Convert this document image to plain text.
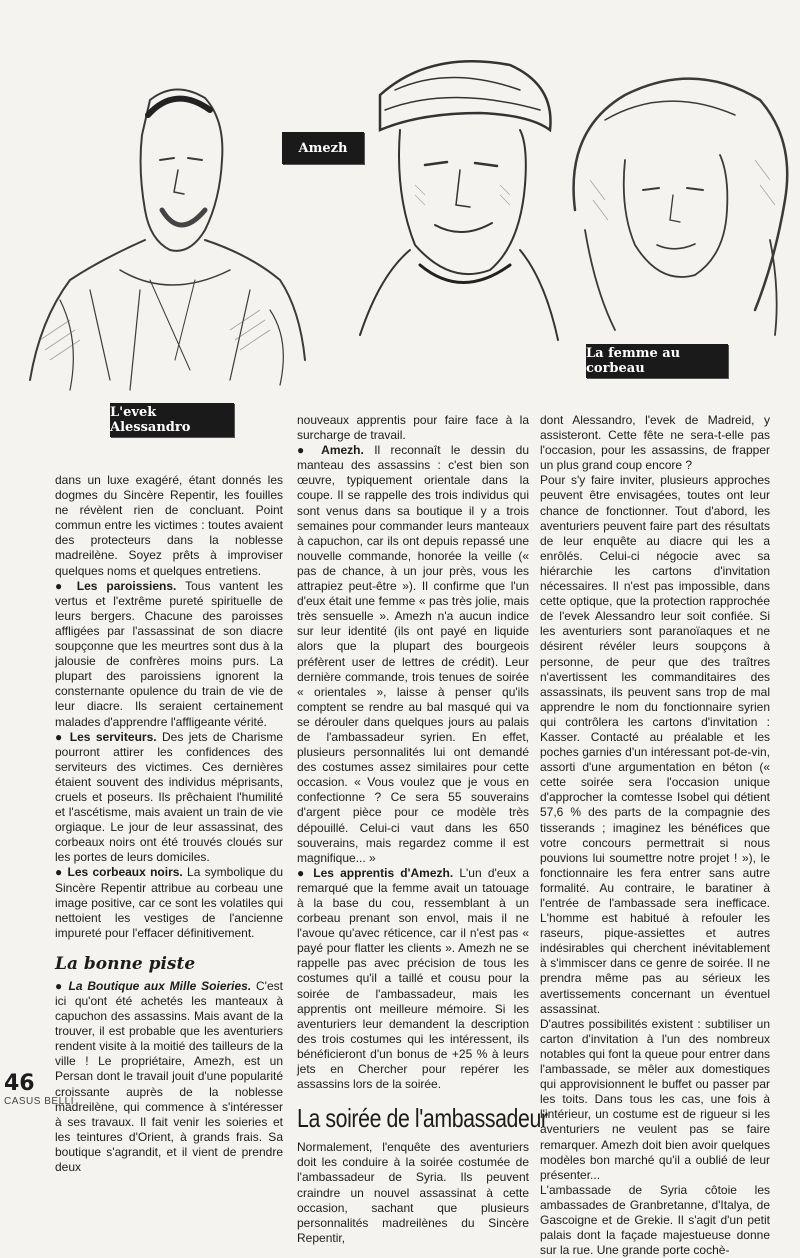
Amezh
La femme au corbeau
L'evek Alessandro

dans un luxe exagéré, étant donnés les dogmes du Sincère Repentir, les fouilles ne révèlent rien de concluant. Point commun entre les victimes : toutes avaient des protecteurs dans la noblesse madreilène. Soyez prêts à improviser quelques noms et quelques entretiens.

● Les paroissiens. Tous vantent les vertus et l'extrême pureté spirituelle de leurs bergers. Chacune des paroisses affligées par l'assassinat de son diacre soupçonne que les meurtres sont dus à la jalousie de confrères moins purs. La plupart des paroissiens ignorent la consternante opulence du train de vie de leur diacre. Ils seraient certainement malades d'apprendre l'affligeante vérité.

● Les serviteurs. Des jets de Charisme pourront attirer les confidences des serviteurs des victimes. Ces dernières étaient souvent des individus méprisants, cruels et poseurs. Ils prêchaient l'humilité et l'ascétisme, mais avaient un train de vie orgiaque. Le jour de leur assassinat, des corbeaux noirs ont été trouvés cloués sur les portes de leurs domiciles.

● Les corbeaux noirs. La symbolique du Sincère Repentir attribue au corbeau une image positive, car ce sont les volatiles qui nettoient les vestiges de l'ancienne impureté pour l'effacer définitivement.

La bonne piste

● La Boutique aux Mille Soieries. C'est ici qu'ont été achetés les manteaux à capuchon des assassins. Mais avant de la trouver, il est probable que les aventuriers rendent visite à la moitié des tailleurs de la ville ! Le propriétaire, Amezh, est un Persan dont le travail jouit d'une popularité croissante auprès de la noblesse madreilène, qui commence à s'intéresser à ses travaux. Il fait venir les soieries et les teintures d'Orient, à grands frais. Sa boutique s'agrandit, et il vient de prendre deux

nouveaux apprentis pour faire face à la surcharge de travail.

● Amezh. Il reconnaît le dessin du manteau des assassins : c'est bien son œuvre, typiquement orientale dans la coupe. Il se rappelle des trois individus qui sont venus dans sa boutique il y a trois semaines pour commander leurs manteaux à capuchon, car ils ont depuis repassé une nouvelle commande, honorée la veille (« pas de chance, à un jour près, vous les attrapiez peut-être »). Il confirme que l'un d'eux était une femme « pas très jolie, mais très sensuelle ». Amezh n'a aucun indice sur leur identité (ils ont payé en liquide alors que la plupart des bourgeois préfèrent user de lettres de crédit). Leur dernière commande, trois tenues de soirée « orientales », laisse à penser qu'ils comptent se rendre au bal masqué qui va se dérouler dans quelques jours au palais de l'ambassadeur syrien. En effet, plusieurs personnalités lui ont demandé des costumes assez similaires pour cette occasion. « Vous voulez que je vous en confectionne ? Ce sera 55 souverains d'argent pièce pour ce modèle très dépouillé. Celui-ci vaut dans les 650 souverains, mais regardez comme il est magnifique... »

● Les apprentis d'Amezh. L'un d'eux a remarqué que la femme avait un tatouage à la base du cou, ressemblant à un corbeau prenant son envol, mais il ne l'avoue qu'avec réticence, car il n'est pas « payé pour flatter les clients ». Amezh ne se rappelle pas avec précision de tous les costumes qu'il a taillé et cousu pour la soirée de l'ambassadeur, mais les apprentis ont meilleure mémoire. Si les aventuriers leur demandent la description des trois costumes qui les intéressent, ils bénéficieront d'un bonus de +25 % à leurs jets en Chercher pour repérer les assassins lors de la soirée.

La soirée de l'ambassadeur

Normalement, l'enquête des aventuriers doit les conduire à la soirée costumée de l'ambassadeur de Syria. Ils peuvent craindre un nouvel assassinat à cette occasion, sachant que plusieurs personnalités madreilènes du Sincère Repentir,

dont Alessandro, l'evek de Madreid, y assisteront. Cette fête ne sera-t-elle pas l'occasion, pour les assassins, de frapper un plus grand coup encore ?

Pour s'y faire inviter, plusieurs approches peuvent être envisagées, toutes ont leur chance de fonctionner. Tout d'abord, les aventuriers peuvent faire part des résultats de leur enquête au diacre qui les a enrôlés. Celui-ci négocie avec sa hiérarchie les cartons d'invitation nécessaires. Il n'est pas impossible, dans cette optique, que la protection rapprochée de l'evek Alessandro leur soit confiée. Si les aventuriers sont paranoïaques et ne désirent révéler leurs soupçons à personne, de peur que des traîtres n'avertissent les commanditaires des assassinats, ils peuvent sans trop de mal apprendre le nom du fonctionnaire syrien qui contrôlera les cartons d'invitation : Kasser. Contacté au préalable et les poches garnies d'un intéressant pot-de-vin, assorti d'une argumentation en béton (« cette soirée sera l'occasion unique d'approcher la comtesse Isobel qui détient 57,6 % des parts de la compagnie des tisserands ; imaginez les bénéfices que votre concours permettrait si nous pouvions lui soumettre notre projet ! »), le fonctionnaire les fera entrer sans autre formalité. Au contraire, le baratiner à l'entrée de l'ambassade sera inefficace. L'homme est habitué à refouler les raseurs, pique-assiettes et autres indésirables qui cherchent inévitablement à s'immiscer dans ce genre de soirée. Il ne prendra même pas au sérieux les avertissements concernant un éventuel assassinat.

D'autres possibilités existent : subtiliser un carton d'invitation à l'un des nombreux notables qui font la queue pour entrer dans l'ambassade, se mêler aux domestiques qui approvisionnent le buffet ou passer par les toits. Dans tous les cas, une fois à l'intérieur, un costume est de rigueur si les aventuriers ne veulent pas se faire remarquer. Amezh doit bien avoir quelques modèles bon marché qu'il a oublié de leur présenter...

L'ambassade de Syria côtoie les ambassades de Granbretanne, d'Italya, de Gascoigne et de Grekie. Il s'agit d'un petit palais dont la façade majestueuse donne sur la rue. Une grande porte cochè-

46
CASUS BELLI
